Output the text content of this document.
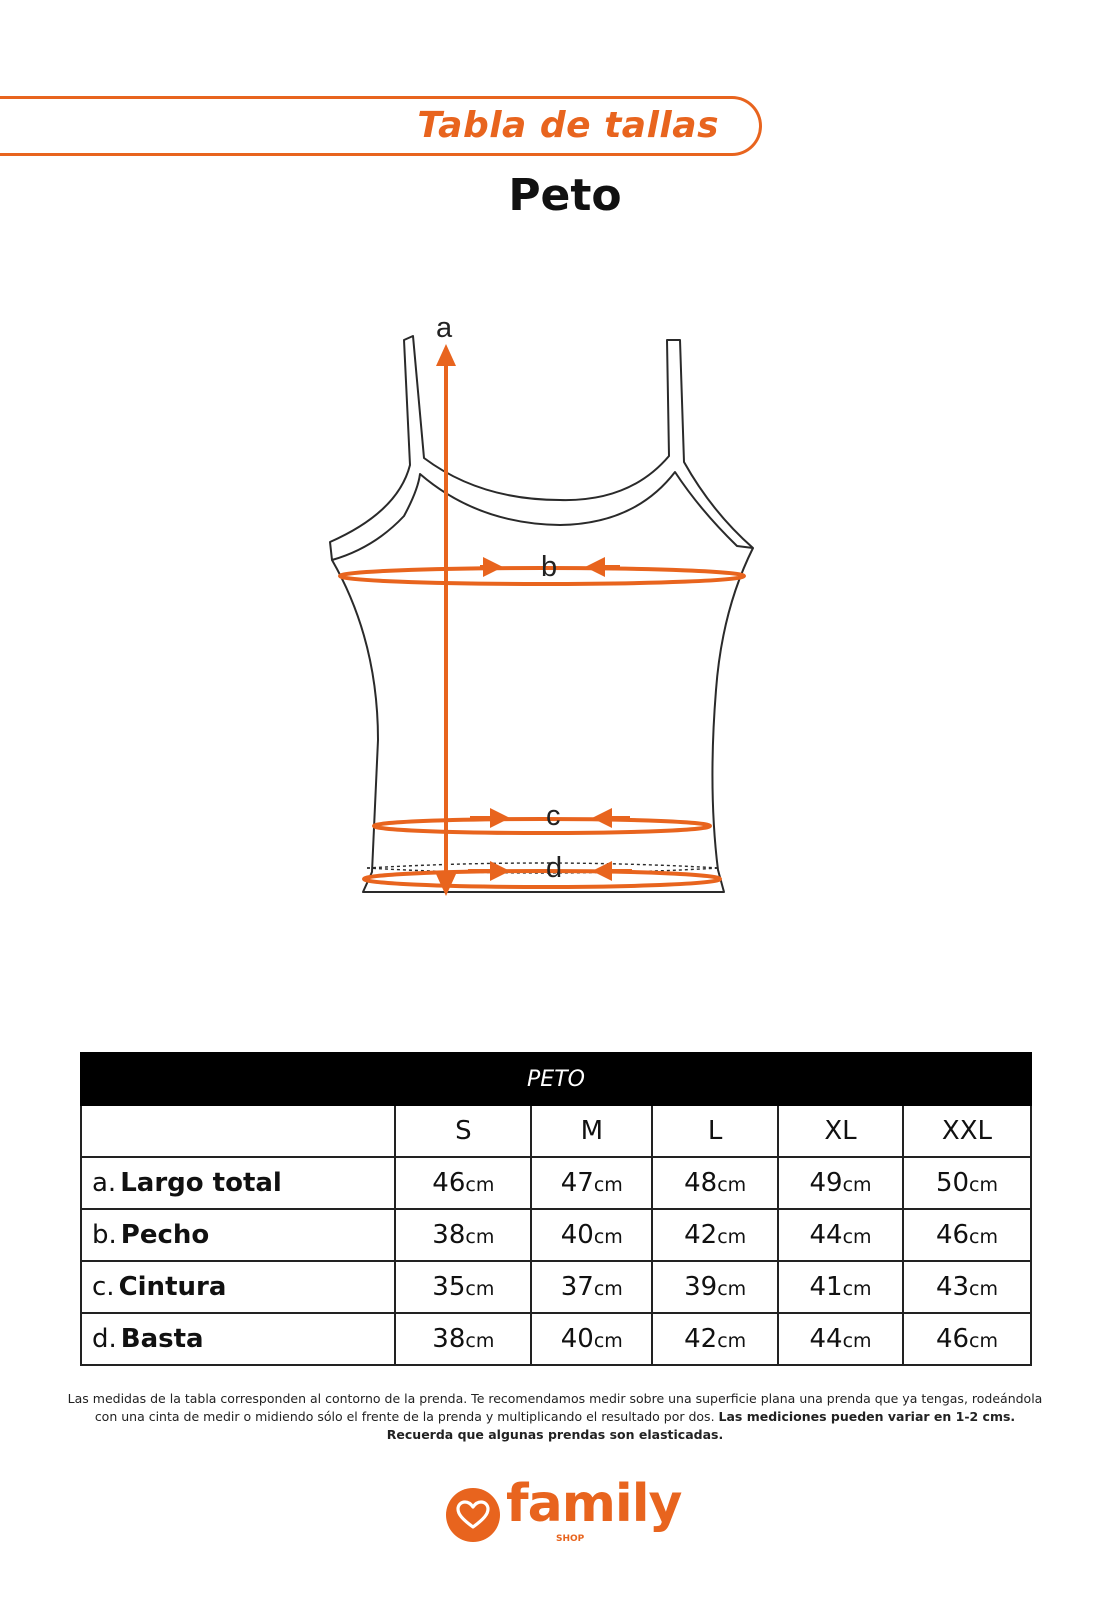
Tabla de tallas
Peto
a
b
c
d
PETO					
	S	M	L	XL	XXL
a. Largo total	46cm	47cm	48cm	49cm	50cm
b. Pecho	38cm	40cm	42cm	44cm	46cm
c. Cintura	35cm	37cm	39cm	41cm	43cm
d. Basta	38cm	40cm	42cm	44cm	46cm

Las medidas de la tabla corresponden al contorno de la prenda. Te recomendamos medir sobre una superficie plana una prenda que ya tengas, rodeándola con una cinta de medir o midiendo sólo el frente de la prenda y multiplicando el resultado por dos. Las mediciones pueden variar en 1-2 cms. Recuerda que algunas prendas son elasticadas.

family

SHOP
